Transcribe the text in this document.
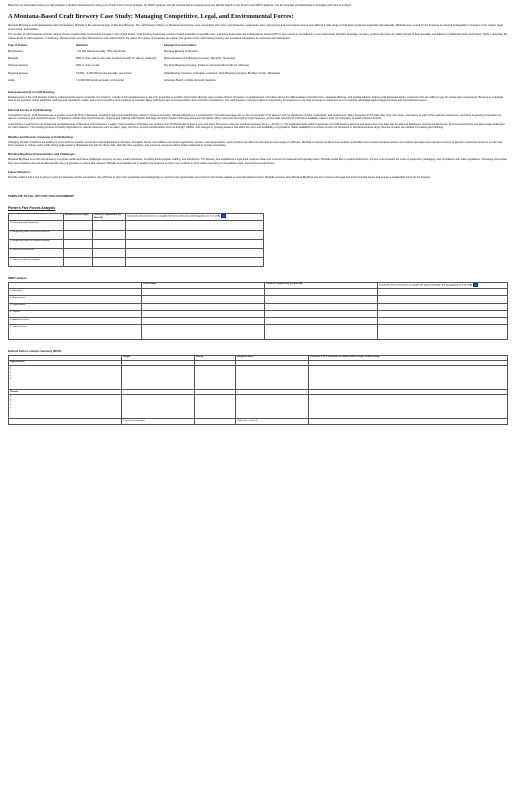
Based on the information below you will complete a situation assessment by doing a (1) Porter's Five Forces analysis, (2) SWOT analysis, and (3) external factors analysis summary (EFAS) based on the Porter's and SWOT analysis. Use the template provided below to complete each kind of analysis.

A Montana-Based Craft Brewery Case Study: Managing Competitive, Legal, and Environmental Forces:

Montana Brewing is a Montana-based craft microbrewery. Michelle is the owner/manager of Montana Brewing. The craft brewery industry in Montana has become more competitive with many new breweries, restaurants, bars, and grocery and convenience stores now offering a wide range of craft beers produced regionally and nationally. Michelle sees a need for the business to respond strategically to changes in the market, legal environment, and weather.

The number of craft breweries and the volume of beer produced has continued to increase in the United States. Craft brewery businesses produce limited quantities of specialty beer, and these businesses are independently owned (25% or less owned or controlled by a non-craft brewer alcoholic beverage member), produce less than six million barrels of beer annually, and adhere to traditional brewer techniques. Table 1 describes the various kinds of craft breweries. In February, Montana had more than 90 breweries and ranked third in the nation for number of breweries per capita. The growth of the craft brewing industry has increased competition for customers and distribution.

Type of brewery	Definition	Example firm and location
Microbrewery	< 15,000 barrels annually; 75% sold off-site	Montana Brewing in Montana
Brewpub	25% or more sold on-site; beer brewed primarily for sale on restaurant	Brew's Restaurant & Brewing Company, Memphis, Tennessee
Taproom brewery	25% or more on-site	Dry Dock Brewing Company, limited on-site food with Foodtruck, Montana
Regional brewery	15,000 – 6,000,000 barrels annually; use extract	Abita Brewing Company, Covington, Louisiana; Surly Brewing Company, Brooklyn Center, Minnesota
Large	> 6,000,000 barrels annually; commercial	Anheuser-Busch, multiple domestic locations
Entrepreneurship in Craft Brewing:

Entrepreneurs in the craft brewery industry understand the need to innovate. For instance, a study of 12 microbreweries in the U.S. found that innovation and product diversity were positive drivers of brewery competitiveness. Innovation drives the differentiation of product lines, seasonal offerings, and special editions, helping craft breweries attract customers who are willing to pay for unique beer experiences. Brewing is a strategic area of the business where distinctive methods and ingredients matter, and most competitive firms continue to innovate. Many craft beers are consumed within close proximity of production. The craft brewery movement offers an opportunity for breweries to use their proximity to customers as a competitive advantage against large domestic and international brewers.

External Forces in Craft Brewing:

Competitive Forces. Craft breweries are a positive economic force in Montana, creating employment and bringing visitors to local communities. Montana Brewing is a microbrewery that sells beverages for on-site consumption in its taproom and for distribution to bars, restaurants, and retail stores. Many breweries in the state offer food, live music, and events as part of the customer experience, and there is growing competition for taproom customers and retail shelf space. Competitors include other local breweries, regional and national craft brands, and large domestic brewers that have acquired craft labels. Many customers are loyal to local breweries, yet the wide selection of craft beers available makes it easy for customers to switch between brands.

Legal Forces. Legal forces can impact the competitiveness of Montana craft breweries. Legally, craft breweries in Montana can produce only 60,000 barrels of beer a year and serve 48 ounces a day per customer between 10 a.m. and 8 p.m. The legislation limits which businesses can hold brewery licenses and determines how beer can be sold and distributed. Environmental Forces. Environmental forces can also create challenges for craft breweries. The brewing process is heavily dependent on natural resources such as water, grain, and hops. Environmental factors such as drought, wildfire, and changes in growing seasons can affect the price and availability of ingredients. Water availability is a critical concern for breweries in Montana because large volumes of water are needed for brewing and cleaning.

Weather and Disaster Concerns in Craft Brewing:

Changing climatic conditions are leading to more extreme weather events and natural disasters in Montana. Droughts, floods, and wildfires can disrupt agriculture, tourism, and transportation, each of which can affect the demand for and supply of craft beer. Michelle is concerned about how weather could affect her business because tourism and outdoor recreation are important sources of taproom customers. Extreme events may force closures or reduce visitor traffic during peak seasons. Breweries that plan for these risks, diversify their suppliers, and conserve resources will be better positioned to remain competitive.

Montana Big Brew Characteristics and Challenges:

Montana Big Brew is a craft microbrewery in a small market and faces challenges common to many small businesses, including limited capital, staffing, and distribution. The brewery has established a loyal local customer base and is known for seasonal and specialty beers. Michelle would like to expand distribution, but she must consider the costs of equipment, packaging, and compliance with state regulations. Increasing competition from new breweries and out-of-state brands may put pressure on prices and margins. Michelle must decide how to position the business so that it can continue to grow while responding to competitive, legal, and environmental forces.

Future Direction:

Michelle realizes that if she is going to grow her business and be competitive, she will have to plan more proactively and strategically to maximize the opportunities and minimize the threats related to external business forces. Michelle wonders what Montana Big Brew can do to improve the legal and environmental issues and ensure a sustainable future for the brewery.

TEMPLATE TO FILL OUT FOR THIS ASSIGNMENT
Porter's Five Forces Analysis
	Intensity (Low to High)	Threat (T) Opportunity (O) Both (B)	Comments (1 to 3 sentences to explain the factor, intensity, and designation as T, O, or B)
1. Existing rivalry/Competitors			
2. Bargaining power of buyers/customers			
3. Bargaining power of suppliers/vendors			
4. Threat of new entrants			
5. Threat of substitute products			
SWOT analysis
	Factor Name	Threat (T) Opportunity (O) Both (B)	Comments (1 to 3 sentences to explain the factor, intensity, and designation as T, O, or B)
1. Strengths			
2. Weaknesses			
3. Opportunities			
4. Threats			
5. Additional factors			
6. Various factors			
External Factors Analysis Summary (EFAS)
	Weight	Rating	Weighted Score	Comment (1 to 3 sentences to explain factor, weight, and/or rating)
Opportunities:				

1.
2.
3.
4.
5.				

Threats:				

1.
2.
3.
4.
5.				

	1 Total Scores/weights		Total score = Sum (T)	
